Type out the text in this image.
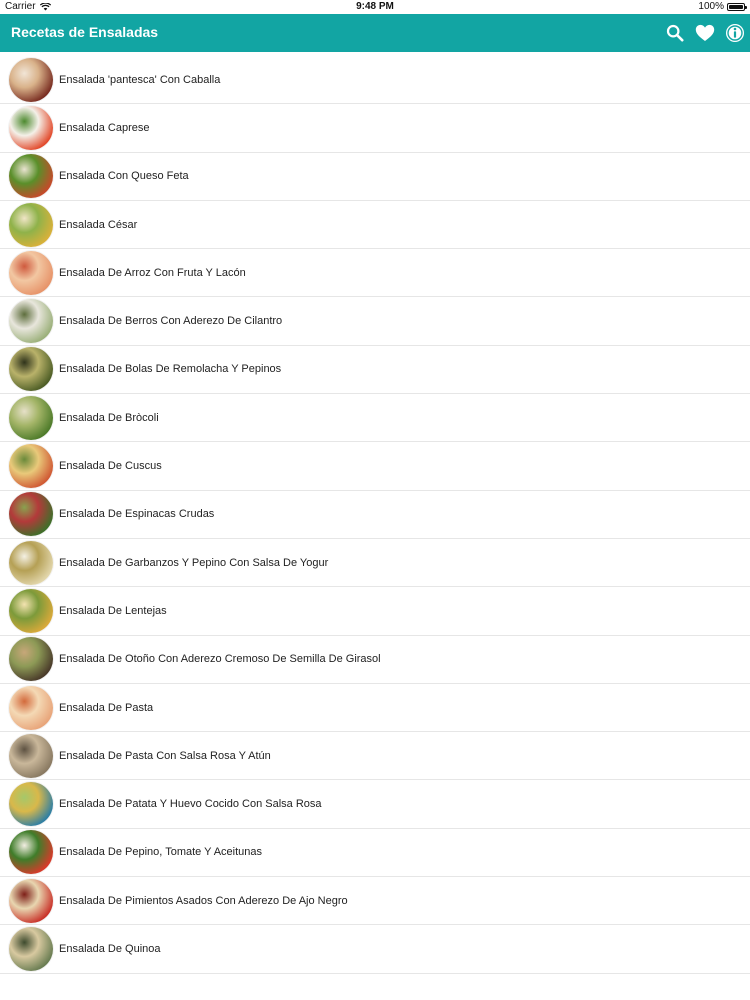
Carrier	9:48 PM	100%
Recetas de Ensaladas
Ensalada 'pantesca' Con Caballa
Ensalada Caprese
Ensalada Con Queso Feta
Ensalada César
Ensalada De Arroz Con Fruta Y Lacón
Ensalada De Berros Con Aderezo De Cilantro
Ensalada De Bolas De Remolacha Y Pepinos
Ensalada De Bròcoli
Ensalada De Cuscus
Ensalada De Espinacas Crudas
Ensalada De Garbanzos Y Pepino Con Salsa De Yogur
Ensalada De Lentejas
Ensalada De Otoño Con Aderezo Cremoso De Semilla De Girasol
Ensalada De Pasta
Ensalada De Pasta Con Salsa Rosa Y Atún
Ensalada De Patata Y Huevo Cocido Con Salsa Rosa
Ensalada De Pepino, Tomate Y Aceitunas
Ensalada De Pimientos Asados Con Aderezo De Ajo Negro
Ensalada De Quinoa
